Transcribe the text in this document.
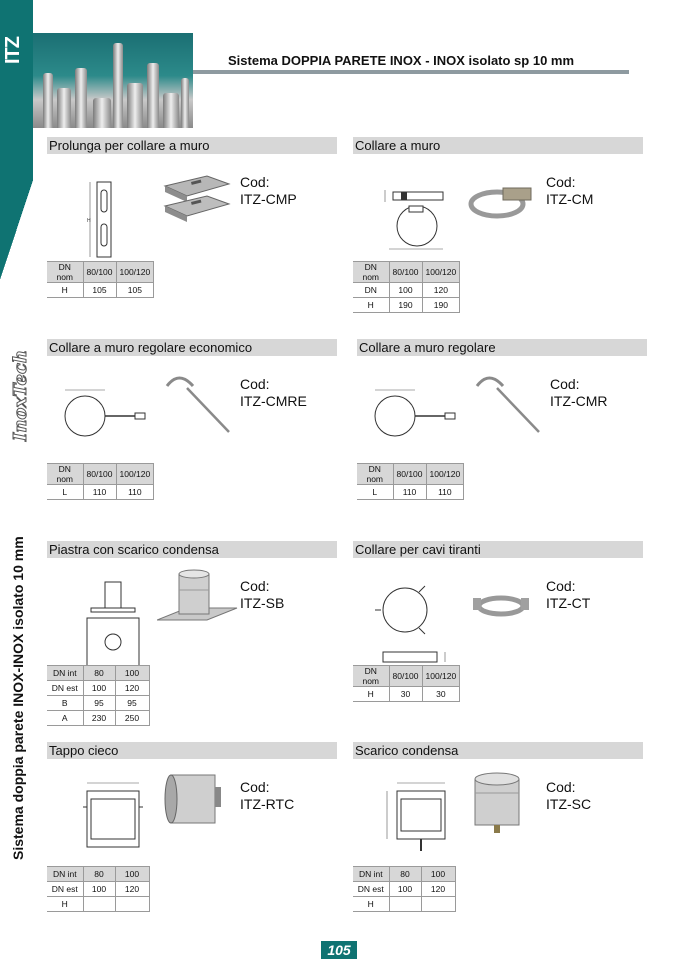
ITZ
InoxTech
Sistema doppia parete INOX-INOX isolato 10 mm
Sistema DOPPIA PARETE INOX - INOX isolato sp 10 mm
Prolunga per collare a muro
H
Cod:
ITZ-CMP
DN nom	80/100	100/120
H	105	105
Collare a muro
Cod:
ITZ-CM
DN nom	80/100	100/120
DN	100	120
H	190	190
Collare a muro regolare economico
Cod:
ITZ-CMRE
DN nom	80/100	100/120
L	110	110
Collare a muro regolare
Cod:
ITZ-CMR
DN nom	80/100	100/120
L	110	110
Piastra con scarico condensa
Cod:
ITZ-SB
DN int	80	100
DN est	100	120
B	95	95
A	230	250
Collare per cavi tiranti
Cod:
ITZ-CT
DN nom	80/100	100/120
H	30	30
Tappo cieco
Cod:
ITZ-RTC
DN int	80	100
DN est	100	120
H		
Scarico condensa
Cod:
ITZ-SC
DN int	80	100
DN est	100	120
H		
105
